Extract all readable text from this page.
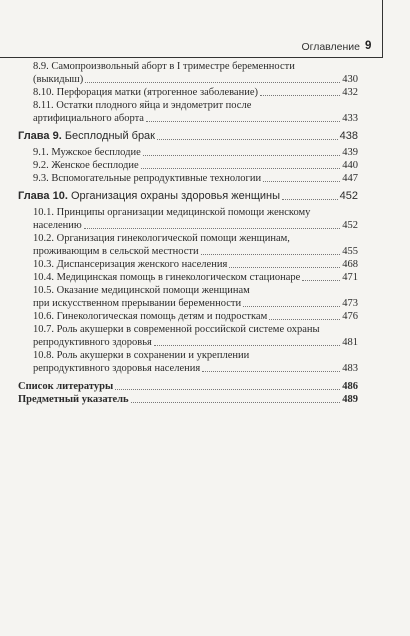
Оглавление 9
8.9. Самопроизвольный аборт в I триместре беременности
(выкидыш)	430
8.10. Перфорация матки (ятрогенное заболевание)	432
8.11. Остатки плодного яйца и эндометрит после
артифициального аборта	433
Глава 9. Бесплодный брак	438
9.1. Мужское бесплодие	439
9.2. Женское бесплодие	440
9.3. Вспомогательные репродуктивные технологии	447
Глава 10. Организация охраны здоровья женщины	452
10.1. Принципы организации медицинской помощи женскому
населению	452
10.2. Организация гинекологической помощи женщинам,
проживающим в сельской местности	455
10.3. Диспансеризация женского населения	468
10.4. Медицинская помощь в гинекологическом стационаре	471
10.5. Оказание медицинской помощи женщинам
при искусственном прерывании беременности	473
10.6. Гинекологическая помощь детям и подросткам	476
10.7. Роль акушерки в современной российской системе охраны
репродуктивного здоровья	481
10.8. Роль акушерки в сохранении и укреплении
репродуктивного здоровья населения	483
Список литературы	486
Предметный указатель	489
